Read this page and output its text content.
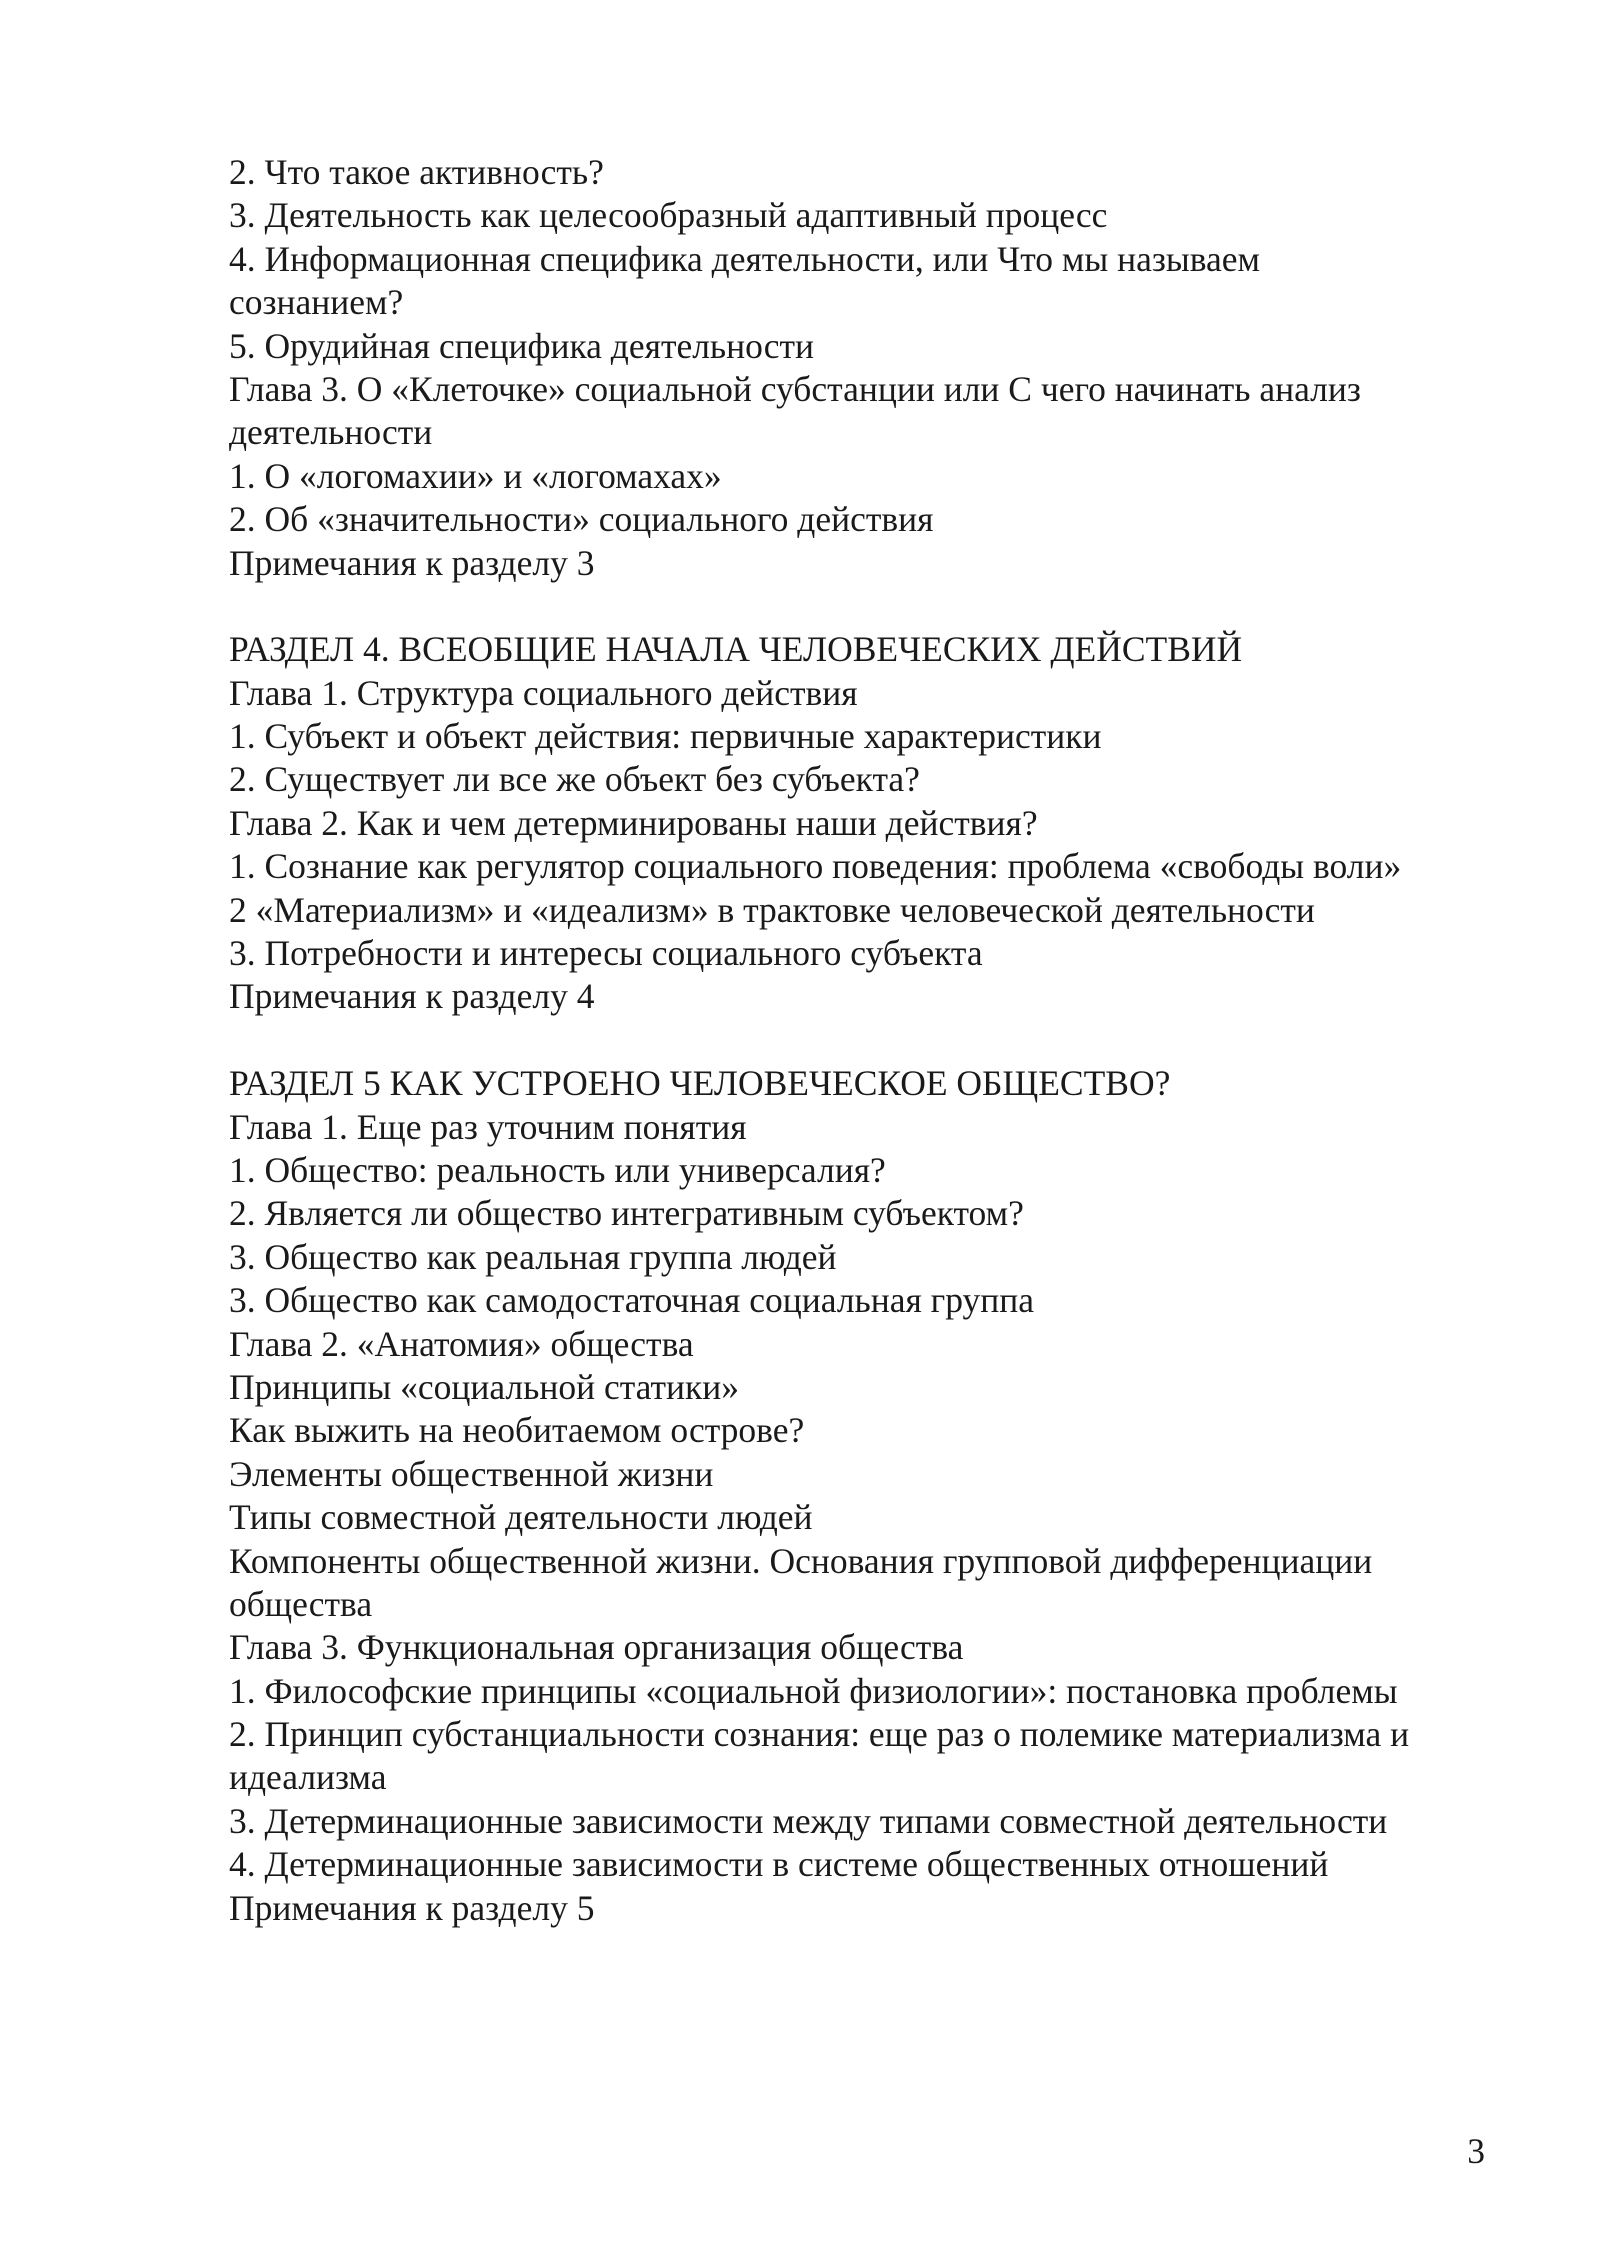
2. Что такое активность?
3. Деятельность как целесообразный адаптивный процесс
4. Информационная специфика деятельности, или Что мы называем
сознанием?
5. Орудийная специфика деятельности
Глава 3. О «Клеточке» социальной субстанции или С чего начинать анализ
деятельности
1. О «логомахии» и «логомахах»
2. Об «значительности» социального действия
Примечания к разделу 3
РАЗДЕЛ 4. ВСЕОБЩИЕ НАЧАЛА ЧЕЛОВЕЧЕСКИХ ДЕЙСТВИЙ
Глава 1. Структура социального действия
1. Субъект и объект действия: первичные характеристики
2. Существует ли все же объект без субъекта?
Глава 2. Как и чем детерминированы наши действия?
1. Сознание как регулятор социального поведения: проблема «свободы воли»
2 «Материализм» и «идеализм» в трактовке человеческой деятельности
3. Потребности и интересы социального субъекта
Примечания к разделу 4
РАЗДЕЛ 5 КАК УСТРОЕНО ЧЕЛОВЕЧЕСКОЕ ОБЩЕСТВО?
Глава 1. Еще раз уточним понятия
1. Общество: реальность или универсалия?
2. Является ли общество интегративным субъектом?
3. Общество как реальная группа людей
3. Общество как самодостаточная социальная группа
Глава 2. «Анатомия» общества
Принципы «социальной статики»
Как выжить на необитаемом острове?
Элементы общественной жизни
Типы совместной деятельности людей
Компоненты общественной жизни. Основания групповой дифференциации
общества
Глава 3. Функциональная организация общества
1. Философские принципы «социальной физиологии»: постановка проблемы
2. Принцип субстанциальности сознания: еще раз о полемике материализма и
идеализма
3. Детерминационные зависимости между типами совместной деятельности
4. Детерминационные зависимости в системе общественных отношений
Примечания к разделу 5
3
